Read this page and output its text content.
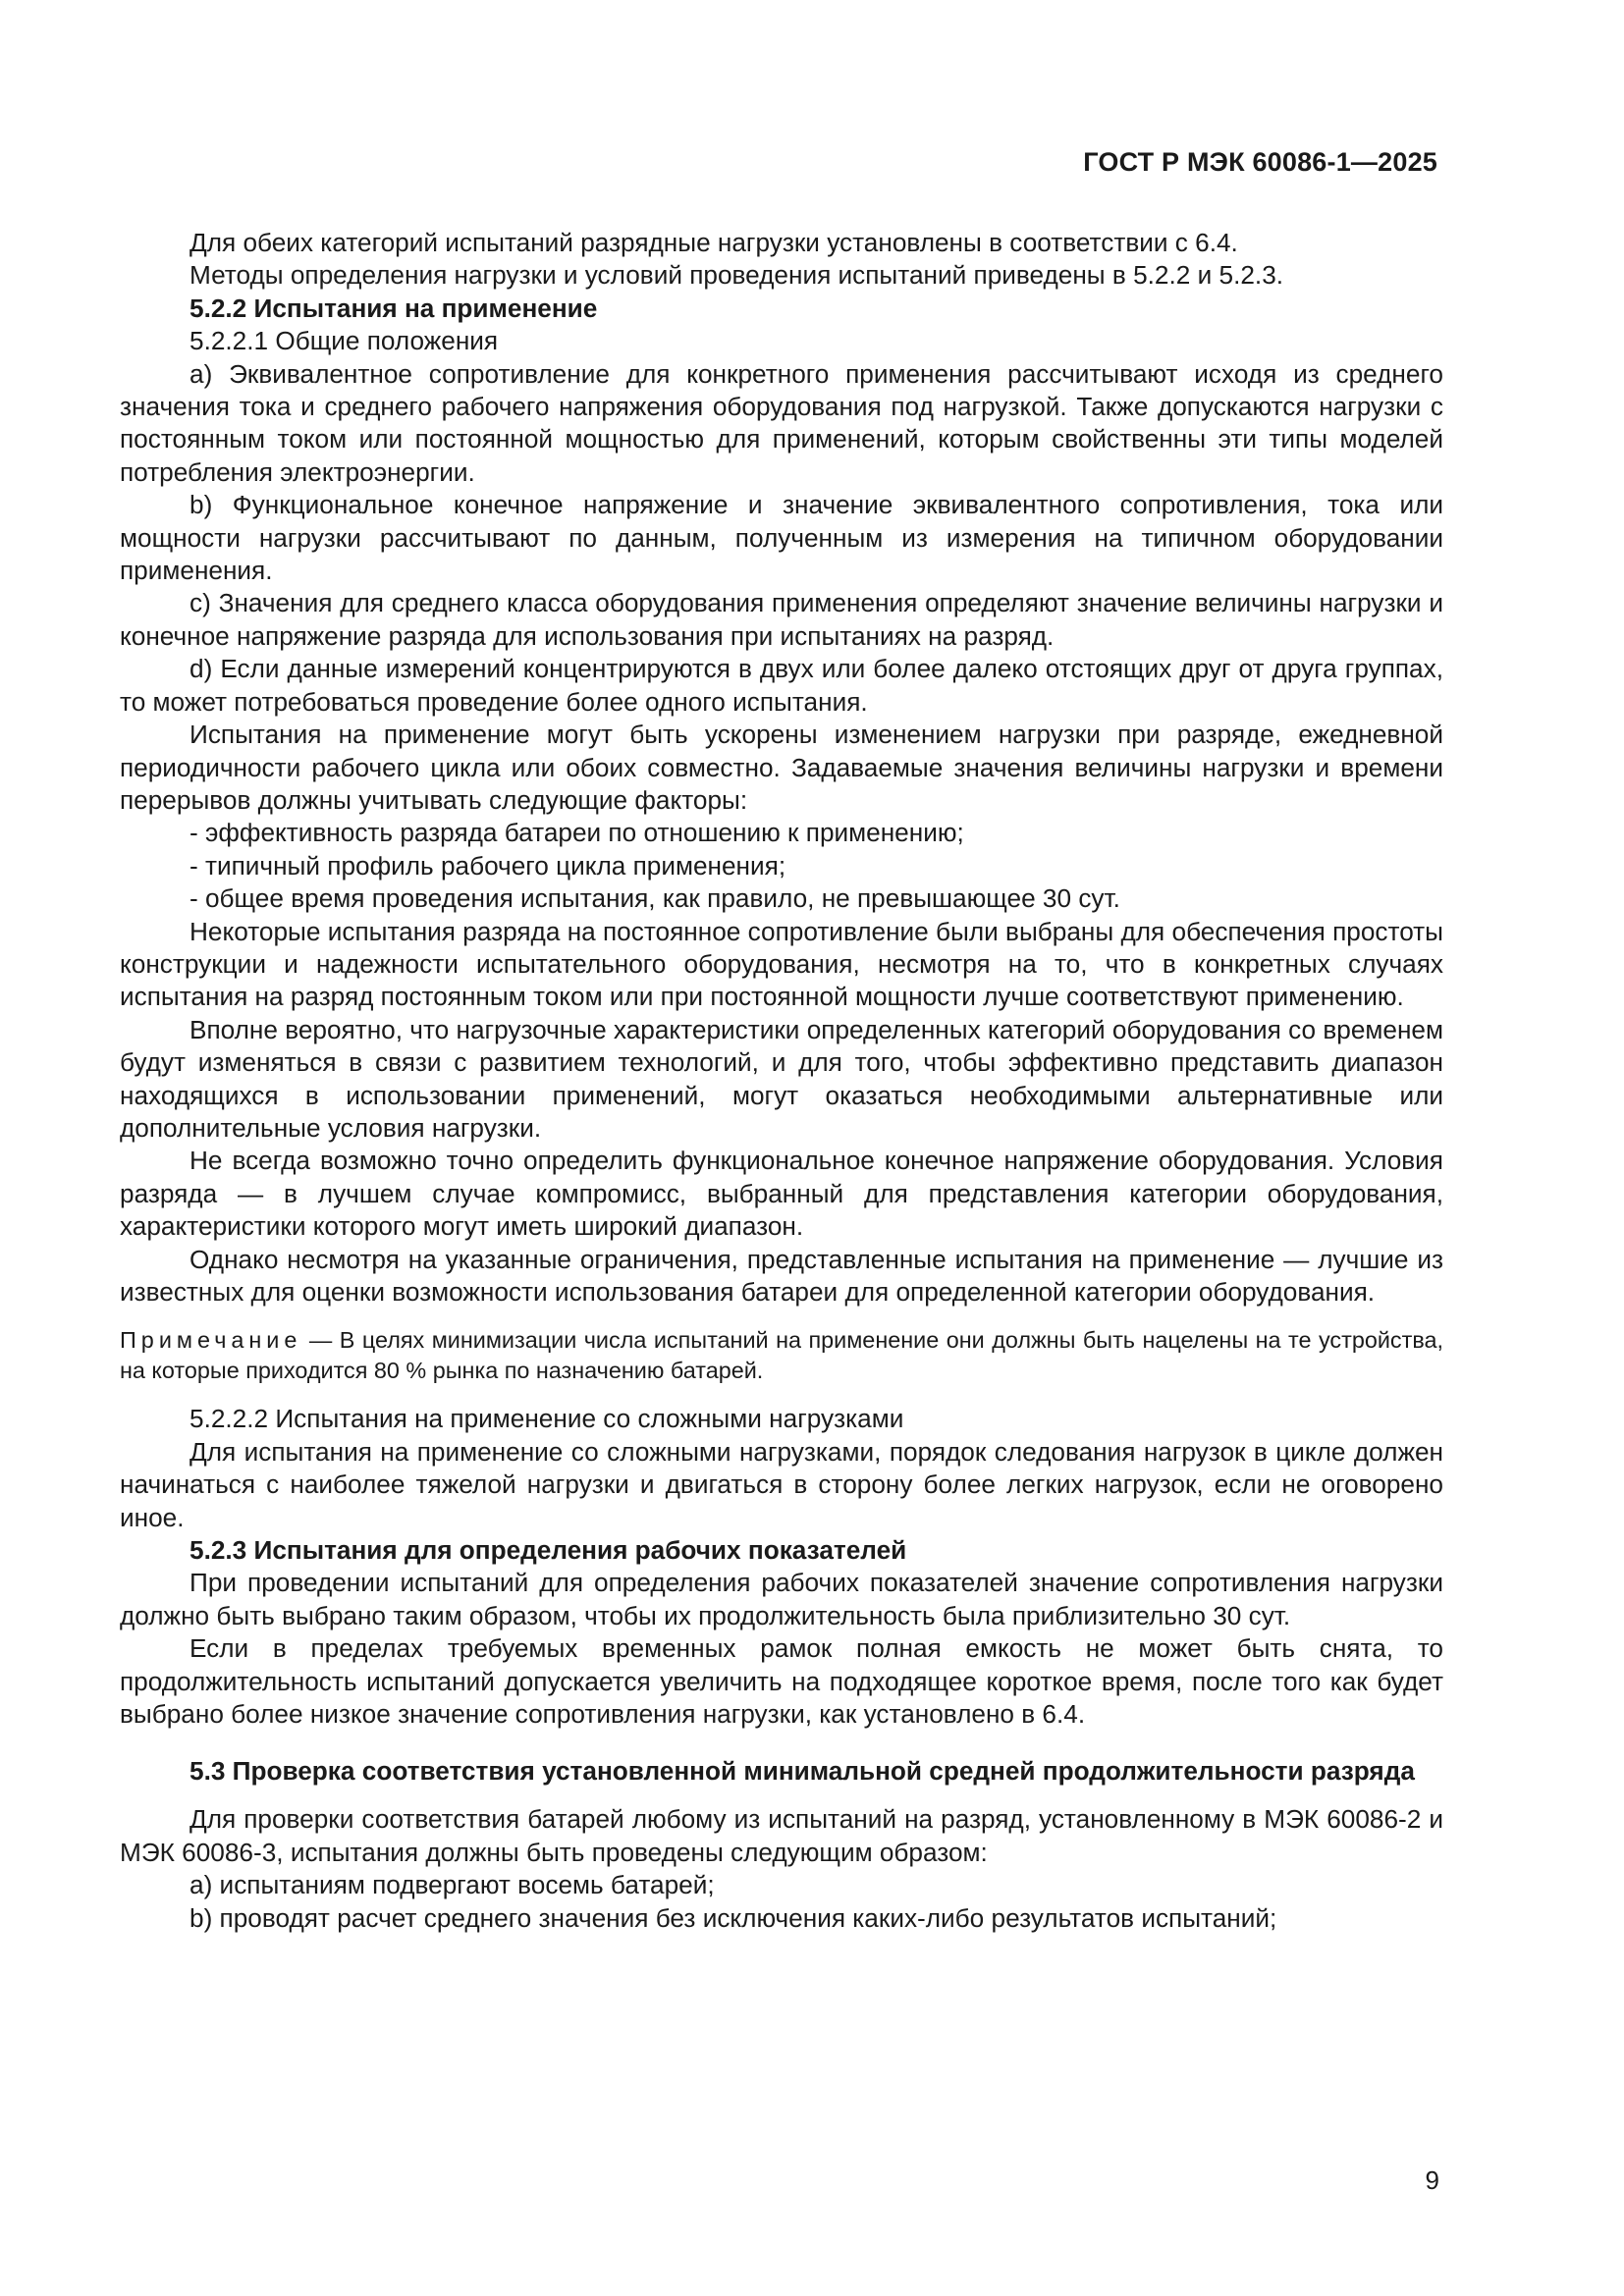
ГОСТ Р МЭК 60086-1—2025

Для обеих категорий испытаний разрядные нагрузки установлены в соответствии с 6.4.

Методы определения нагрузки и условий проведения испытаний приведены в 5.2.2 и 5.2.3.

5.2.2 Испытания на применение

5.2.2.1 Общие положения

a) Эквивалентное сопротивление для конкретного применения рассчитывают исходя из среднего значения тока и среднего рабочего напряжения оборудования под нагрузкой. Также допускаются нагрузки с постоянным током или постоянной мощностью для применений, которым свойственны эти типы моделей потребления электроэнергии.

b) Функциональное конечное напряжение и значение эквивалентного сопротивления, тока или мощности нагрузки рассчитывают по данным, полученным из измерения на типичном оборудовании применения.

c) Значения для среднего класса оборудования применения определяют значение величины нагрузки и конечное напряжение разряда для использования при испытаниях на разряд.

d) Если данные измерений концентрируются в двух или более далеко отстоящих друг от друга группах, то может потребоваться проведение более одного испытания.

Испытания на применение могут быть ускорены изменением нагрузки при разряде, ежедневной периодичности рабочего цикла или обоих совместно. Задаваемые значения величины нагрузки и времени перерывов должны учитывать следующие факторы:

- эффективность разряда батареи по отношению к применению;

- типичный профиль рабочего цикла применения;

- общее время проведения испытания, как правило, не превышающее 30 сут.

Некоторые испытания разряда на постоянное сопротивление были выбраны для обеспечения простоты конструкции и надежности испытательного оборудования, несмотря на то, что в конкретных случаях испытания на разряд постоянным током или при постоянной мощности лучше соответствуют применению.

Вполне вероятно, что нагрузочные характеристики определенных категорий оборудования со временем будут изменяться в связи с развитием технологий, и для того, чтобы эффективно представить диапазон находящихся в использовании применений, могут оказаться необходимыми альтернативные или дополнительные условия нагрузки.

Не всегда возможно точно определить функциональное конечное напряжение оборудования. Условия разряда — в лучшем случае компромисс, выбранный для представления категории оборудования, характеристики которого могут иметь широкий диапазон.

Однако несмотря на указанные ограничения, представленные испытания на применение — лучшие из известных для оценки возможности использования батареи для определенной категории оборудования.

Примечание — В целях минимизации числа испытаний на применение они должны быть нацелены на те устройства, на которые приходится 80 % рынка по назначению батарей.

5.2.2.2 Испытания на применение со сложными нагрузками

Для испытания на применение со сложными нагрузками, порядок следования нагрузок в цикле должен начинаться с наиболее тяжелой нагрузки и двигаться в сторону более легких нагрузок, если не оговорено иное.

5.2.3 Испытания для определения рабочих показателей

При проведении испытаний для определения рабочих показателей значение сопротивления нагрузки должно быть выбрано таким образом, чтобы их продолжительность была приблизительно 30 сут.

Если в пределах требуемых временных рамок полная емкость не может быть снята, то продолжительность испытаний допускается увеличить на подходящее короткое время, после того как будет выбрано более низкое значение сопротивления нагрузки, как установлено в 6.4.

5.3 Проверка соответствия установленной минимальной средней продолжительности разряда

Для проверки соответствия батарей любому из испытаний на разряд, установленному в МЭК 60086-2 и МЭК 60086-3, испытания должны быть проведены следующим образом:

a) испытаниям подвергают восемь батарей;

b) проводят расчет среднего значения без исключения каких-либо результатов испытаний;

9
